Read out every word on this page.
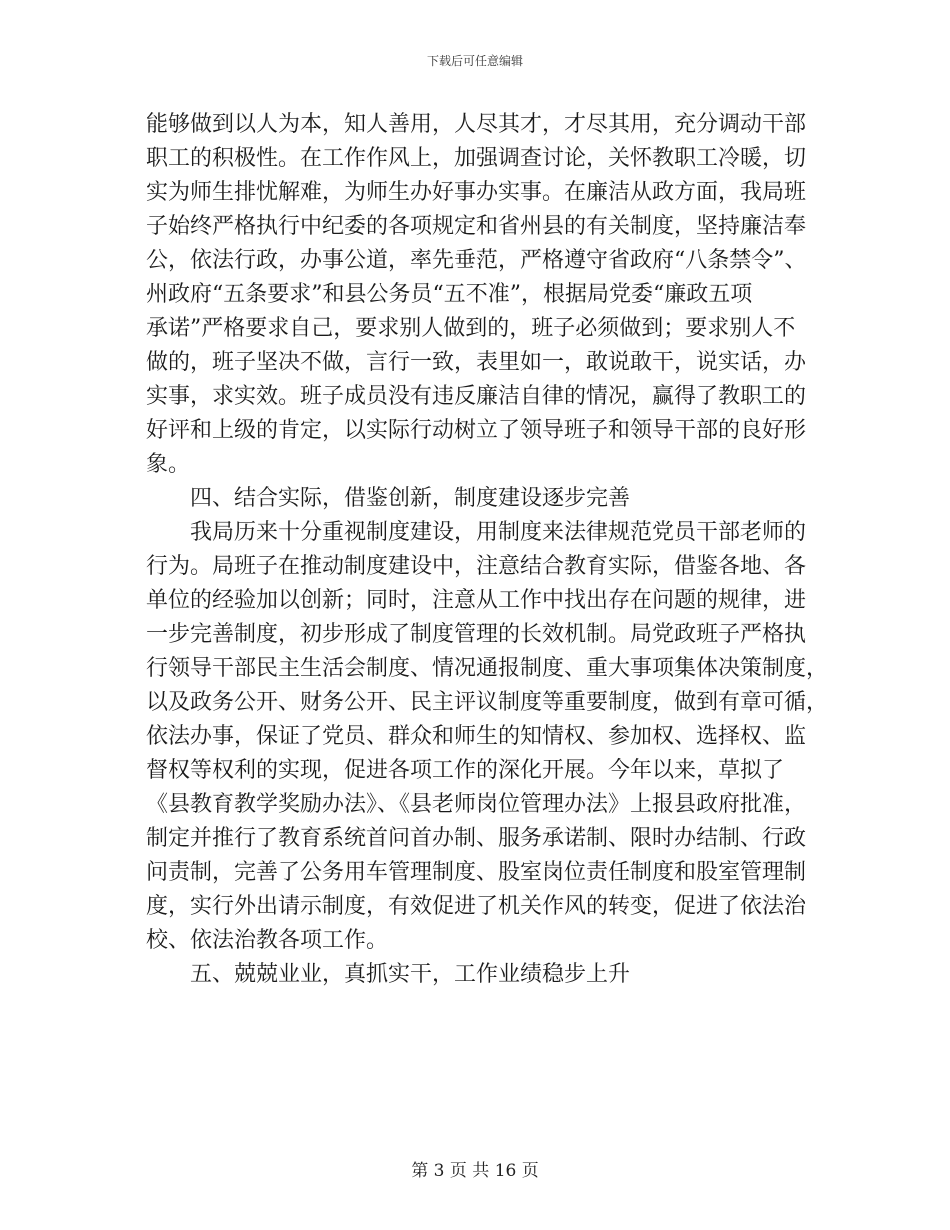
下载后可任意编辑
能够做到以人为本，知人善用，人尽其才，才尽其用，充分调动干部
职工的积极性。在工作作风上，加强调查讨论，关怀教职工冷暖，切
实为师生排忧解难，为师生办好事办实事。在廉洁从政方面，我局班
子始终严格执行中纪委的各项规定和省州县的有关制度，坚持廉洁奉
公，依法行政，办事公道，率先垂范，严格遵守省政府“八条禁令”、
州政府“五条要求”和县公务员“五不准”，根据局党委“廉政五项
承诺”严格要求自己，要求别人做到的，班子必须做到；要求别人不
做的，班子坚决不做，言行一致，表里如一，敢说敢干，说实话，办
实事，求实效。班子成员没有违反廉洁自律的情况，赢得了教职工的
好评和上级的肯定，以实际行动树立了领导班子和领导干部的良好形
象。
四、结合实际，借鉴创新，制度建设逐步完善
我局历来十分重视制度建设，用制度来法律规范党员干部老师的
行为。局班子在推动制度建设中，注意结合教育实际，借鉴各地、各
单位的经验加以创新；同时，注意从工作中找出存在问题的规律，进
一步完善制度，初步形成了制度管理的长效机制。局党政班子严格执
行领导干部民主生活会制度、情况通报制度、重大事项集体决策制度，
以及政务公开、财务公开、民主评议制度等重要制度，做到有章可循，
依法办事，保证了党员、群众和师生的知情权、参加权、选择权、监
督权等权利的实现，促进各项工作的深化开展。今年以来，草拟了
《县教育教学奖励办法》、《县老师岗位管理办法》上报县政府批准，
制定并推行了教育系统首问首办制、服务承诺制、限时办结制、行政
问责制，完善了公务用车管理制度、股室岗位责任制度和股室管理制
度，实行外出请示制度，有效促进了机关作风的转变，促进了依法治
校、依法治教各项工作。
五、兢兢业业，真抓实干，工作业绩稳步上升
第 3 页 共 16 页
